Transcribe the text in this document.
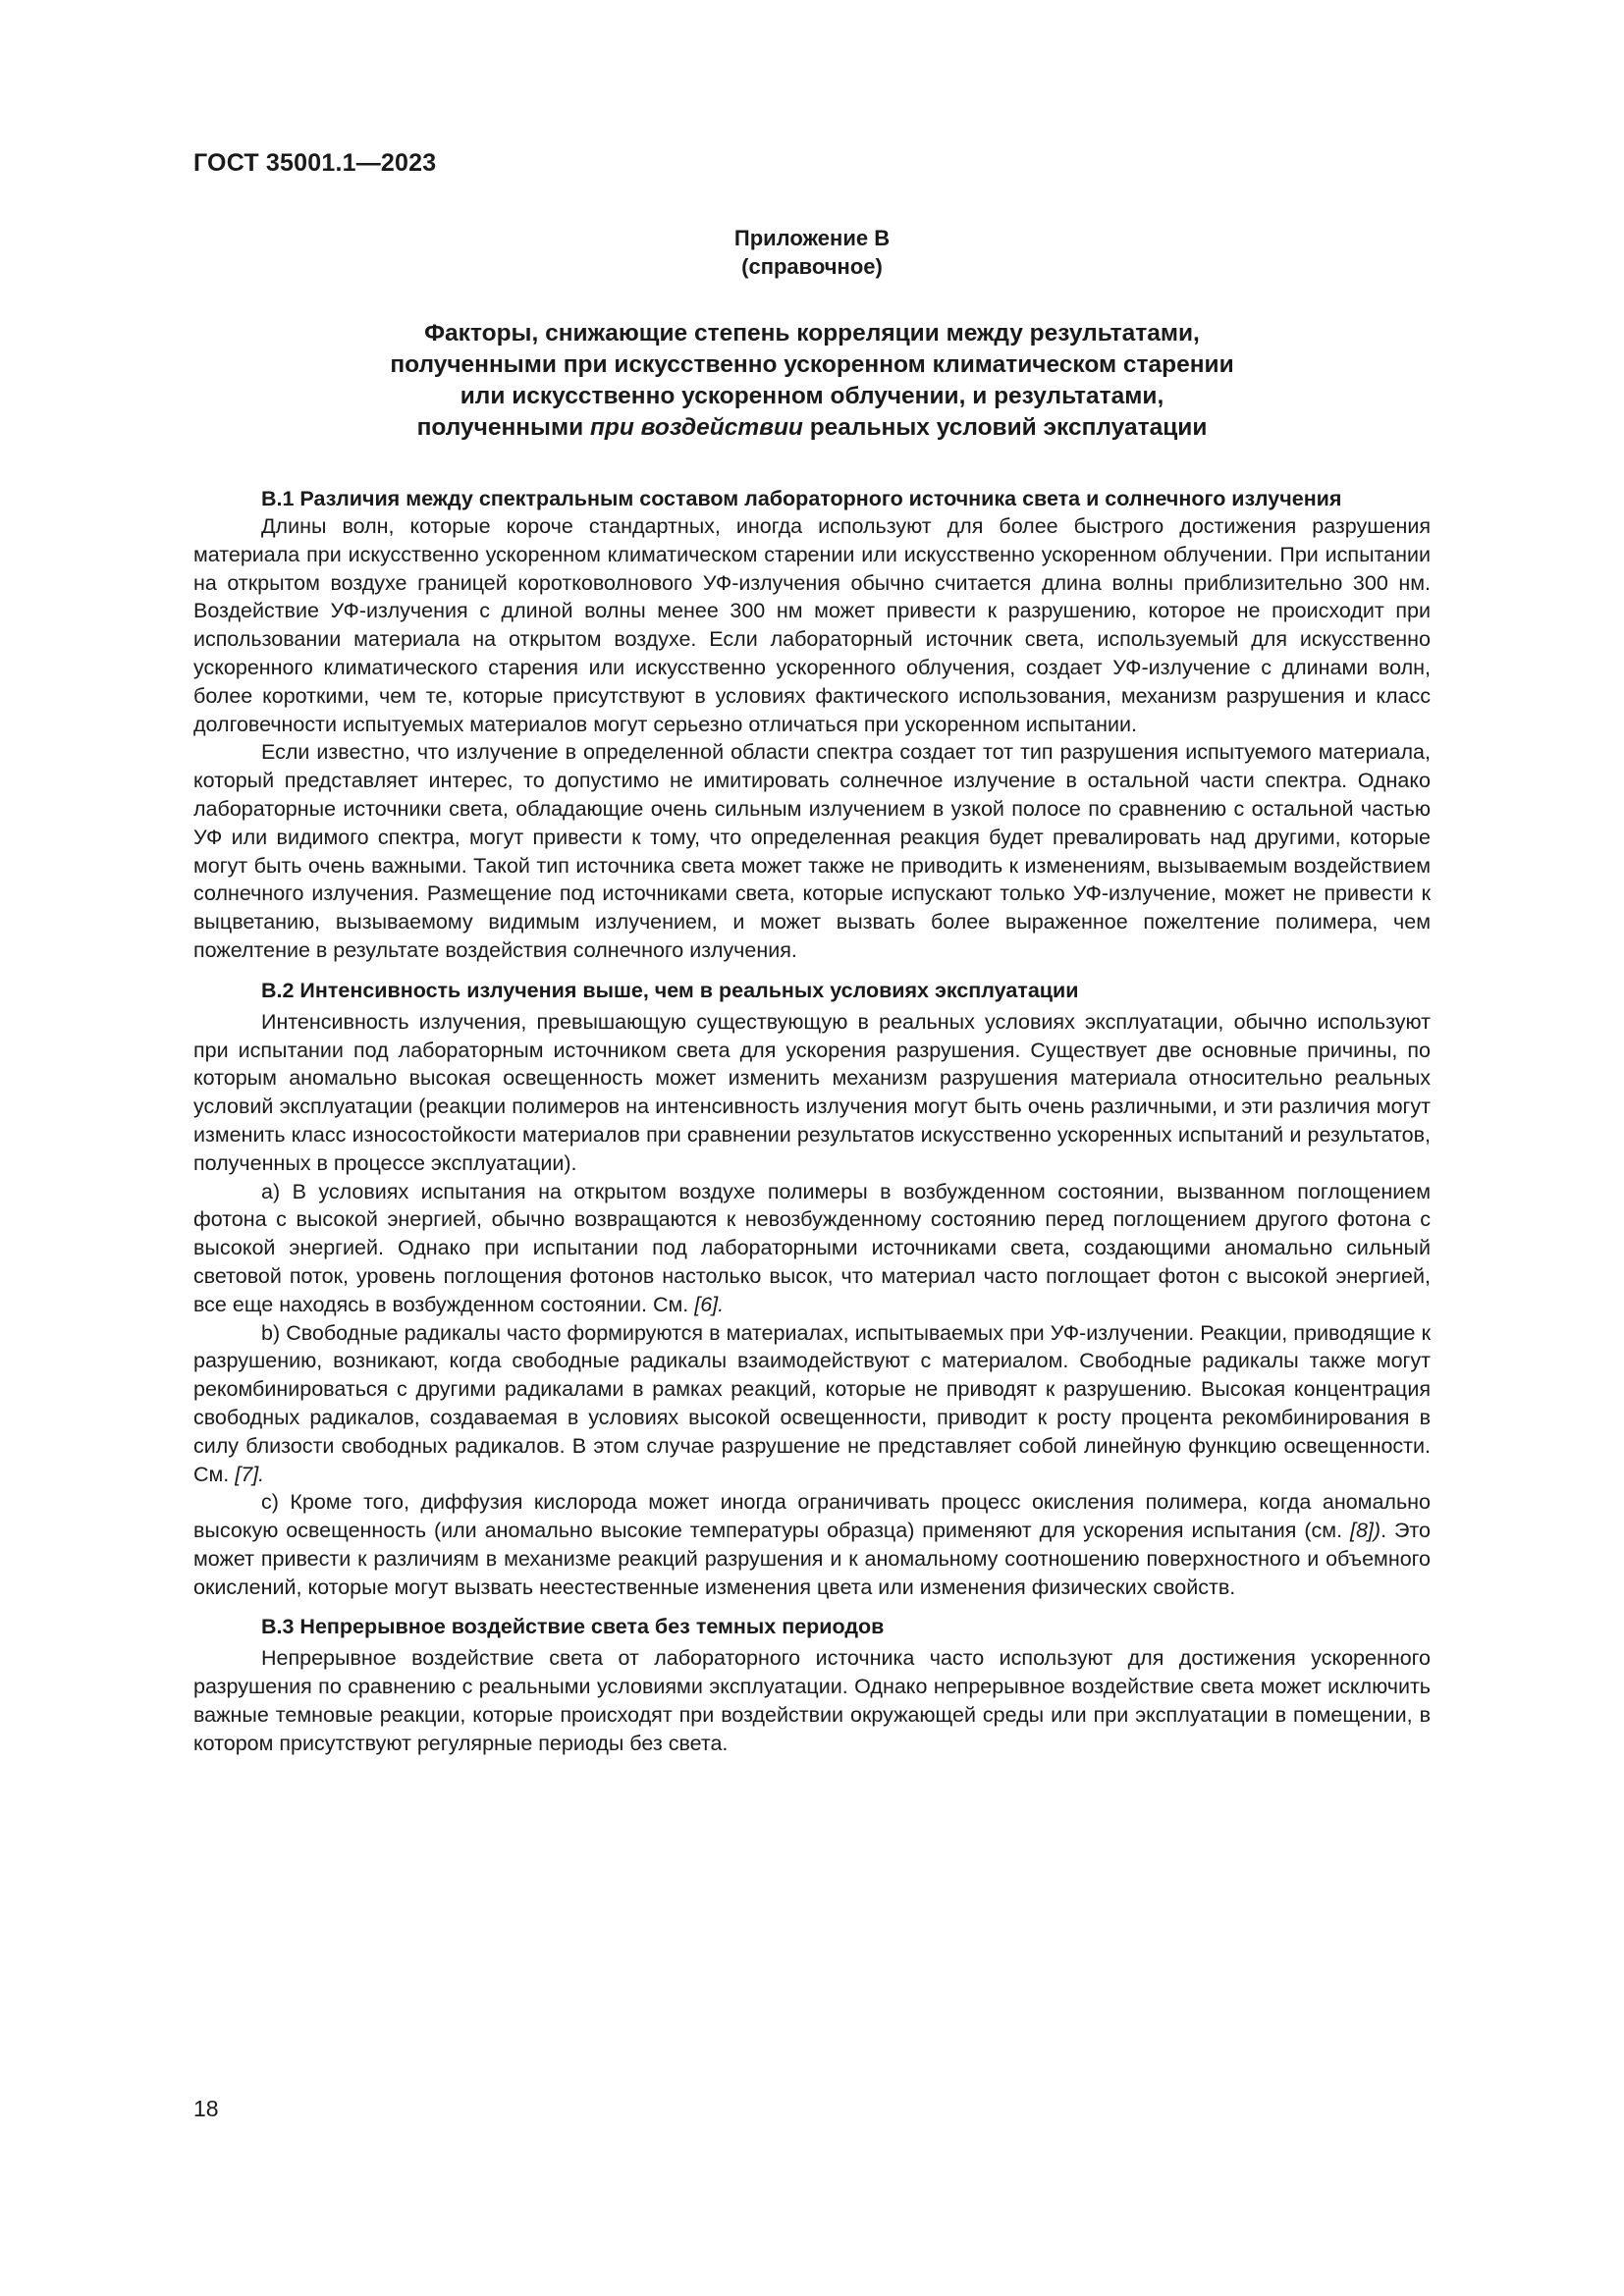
ГОСТ 35001.1—2023

Приложение В

(справочное)

Факторы, снижающие степень корреляции между результатами,
полученными при искусственно ускоренном климатическом старении
или искусственно ускоренном облучении, и результатами,
полученными при воздействии реальных условий эксплуатации

В.1 Различия между спектральным составом лабораторного источника света и солнечного излучения

Длины волн, которые короче стандартных, иногда используют для более быстрого достижения разрушения материала при искусственно ускоренном климатическом старении или искусственно ускоренном облучении. При испытании на открытом воздухе границей коротковолнового УФ-излучения обычно считается длина волны приблизительно 300 нм. Воздействие УФ-излучения с длиной волны менее 300 нм может привести к разрушению, которое не происходит при использовании материала на открытом воздухе. Если лабораторный источник света, используемый для искусственно ускоренного климатического старения или искусственно ускоренного облучения, создает УФ-излучение с длинами волн, более короткими, чем те, которые присутствуют в условиях фактического использования, механизм разрушения и класс долговечности испытуемых материалов могут серьезно отличаться при ускоренном испытании.

Если известно, что излучение в определенной области спектра создает тот тип разрушения испытуемого материала, который представляет интерес, то допустимо не имитировать солнечное излучение в остальной части спектра. Однако лабораторные источники света, обладающие очень сильным излучением в узкой полосе по сравнению с остальной частью УФ или видимого спектра, могут привести к тому, что определенная реакция будет превалировать над другими, которые могут быть очень важными. Такой тип источника света может также не приводить к изменениям, вызываемым воздействием солнечного излучения. Размещение под источниками света, которые испускают только УФ-излучение, может не привести к выцветанию, вызываемому видимым излучением, и может вызвать более выраженное пожелтение полимера, чем пожелтение в результате воздействия солнечного излучения.

В.2 Интенсивность излучения выше, чем в реальных условиях эксплуатации

Интенсивность излучения, превышающую существующую в реальных условиях эксплуатации, обычно используют при испытании под лабораторным источником света для ускорения разрушения. Существует две основные причины, по которым аномально высокая освещенность может изменить механизм разрушения материала относительно реальных условий эксплуатации (реакции полимеров на интенсивность излучения могут быть очень различными, и эти различия могут изменить класс износостойкости материалов при сравнении результатов искусственно ускоренных испытаний и результатов, полученных в процессе эксплуатации).

a) В условиях испытания на открытом воздухе полимеры в возбужденном состоянии, вызванном поглощением фотона с высокой энергией, обычно возвращаются к невозбужденному состоянию перед поглощением другого фотона с высокой энергией. Однако при испытании под лабораторными источниками света, создающими аномально сильный световой поток, уровень поглощения фотонов настолько высок, что материал часто поглощает фотон с высокой энергией, все еще находясь в возбужденном состоянии. См. [6].

b) Свободные радикалы часто формируются в материалах, испытываемых при УФ-излучении. Реакции, приводящие к разрушению, возникают, когда свободные радикалы взаимодействуют с материалом. Свободные радикалы также могут рекомбинироваться с другими радикалами в рамках реакций, которые не приводят к разрушению. Высокая концентрация свободных радикалов, создаваемая в условиях высокой освещенности, приводит к росту процента рекомбинирования в силу близости свободных радикалов. В этом случае разрушение не представляет собой линейную функцию освещенности. См. [7].

c) Кроме того, диффузия кислорода может иногда ограничивать процесс окисления полимера, когда аномально высокую освещенность (или аномально высокие температуры образца) применяют для ускорения испытания (см. [8]). Это может привести к различиям в механизме реакций разрушения и к аномальному соотношению поверхностного и объемного окислений, которые могут вызвать неестественные изменения цвета или изменения физических свойств.

В.3 Непрерывное воздействие света без темных периодов

Непрерывное воздействие света от лабораторного источника часто используют для достижения ускоренного разрушения по сравнению с реальными условиями эксплуатации. Однако непрерывное воздействие света может исключить важные темновые реакции, которые происходят при воздействии окружающей среды или при эксплуатации в помещении, в котором присутствуют регулярные периоды без света.

18
